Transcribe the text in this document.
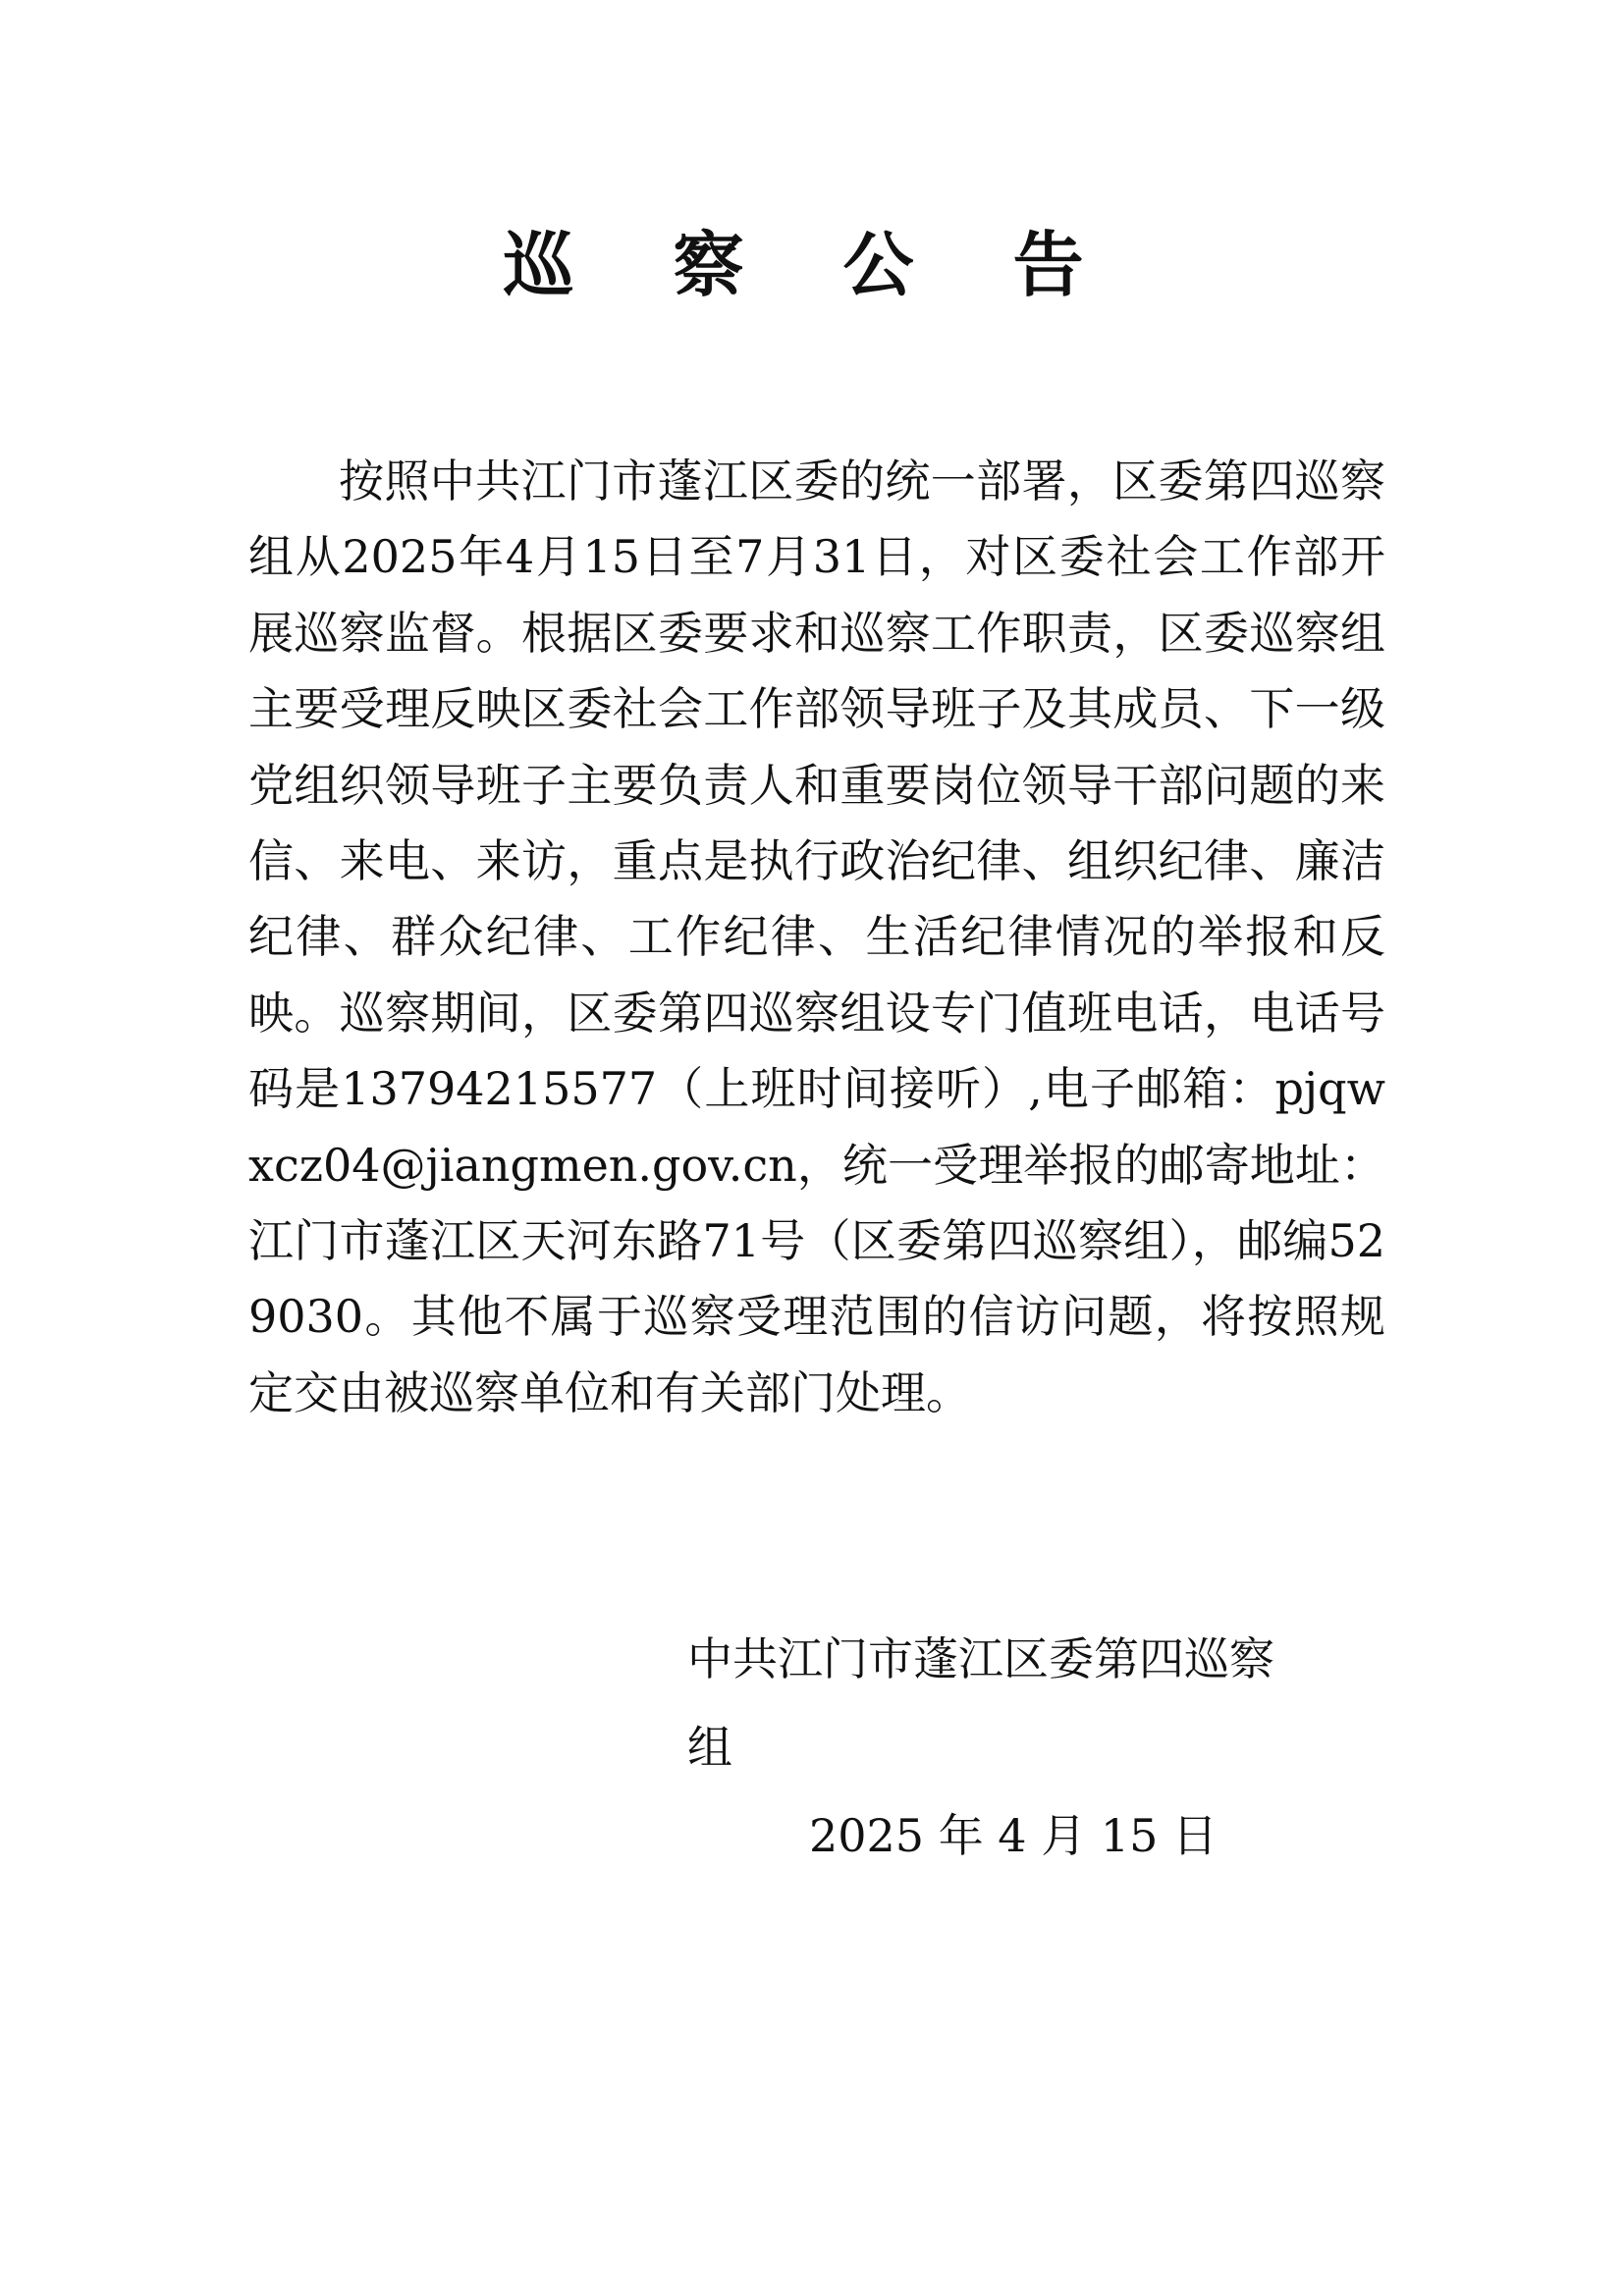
巡 察 公 告

按照中共江门市蓬江区委的统一部署，区委第四巡察组从2025年4月15日至7月31日，对区委社会工作部开展巡察监督。根据区委要求和巡察工作职责，区委巡察组主要受理反映区委社会工作部领导班子及其成员、下一级党组织领导班子主要负责人和重要岗位领导干部问题的来信、来电、来访，重点是执行政治纪律、组织纪律、廉洁纪律、群众纪律、工作纪律、生活纪律情况的举报和反映。巡察期间，区委第四巡察组设专门值班电话，电话号码是13794215577（上班时间接听）,电子邮箱：pjqwxcz04@jiangmen.gov.cn，统一受理举报的邮寄地址：江门市蓬江区天河东路71号（区委第四巡察组），邮编529030。其他不属于巡察受理范围的信访问题，将按照规定交由被巡察单位和有关部门处理。

中共江门市蓬江区委第四巡察组
2025 年 4 月 15 日
